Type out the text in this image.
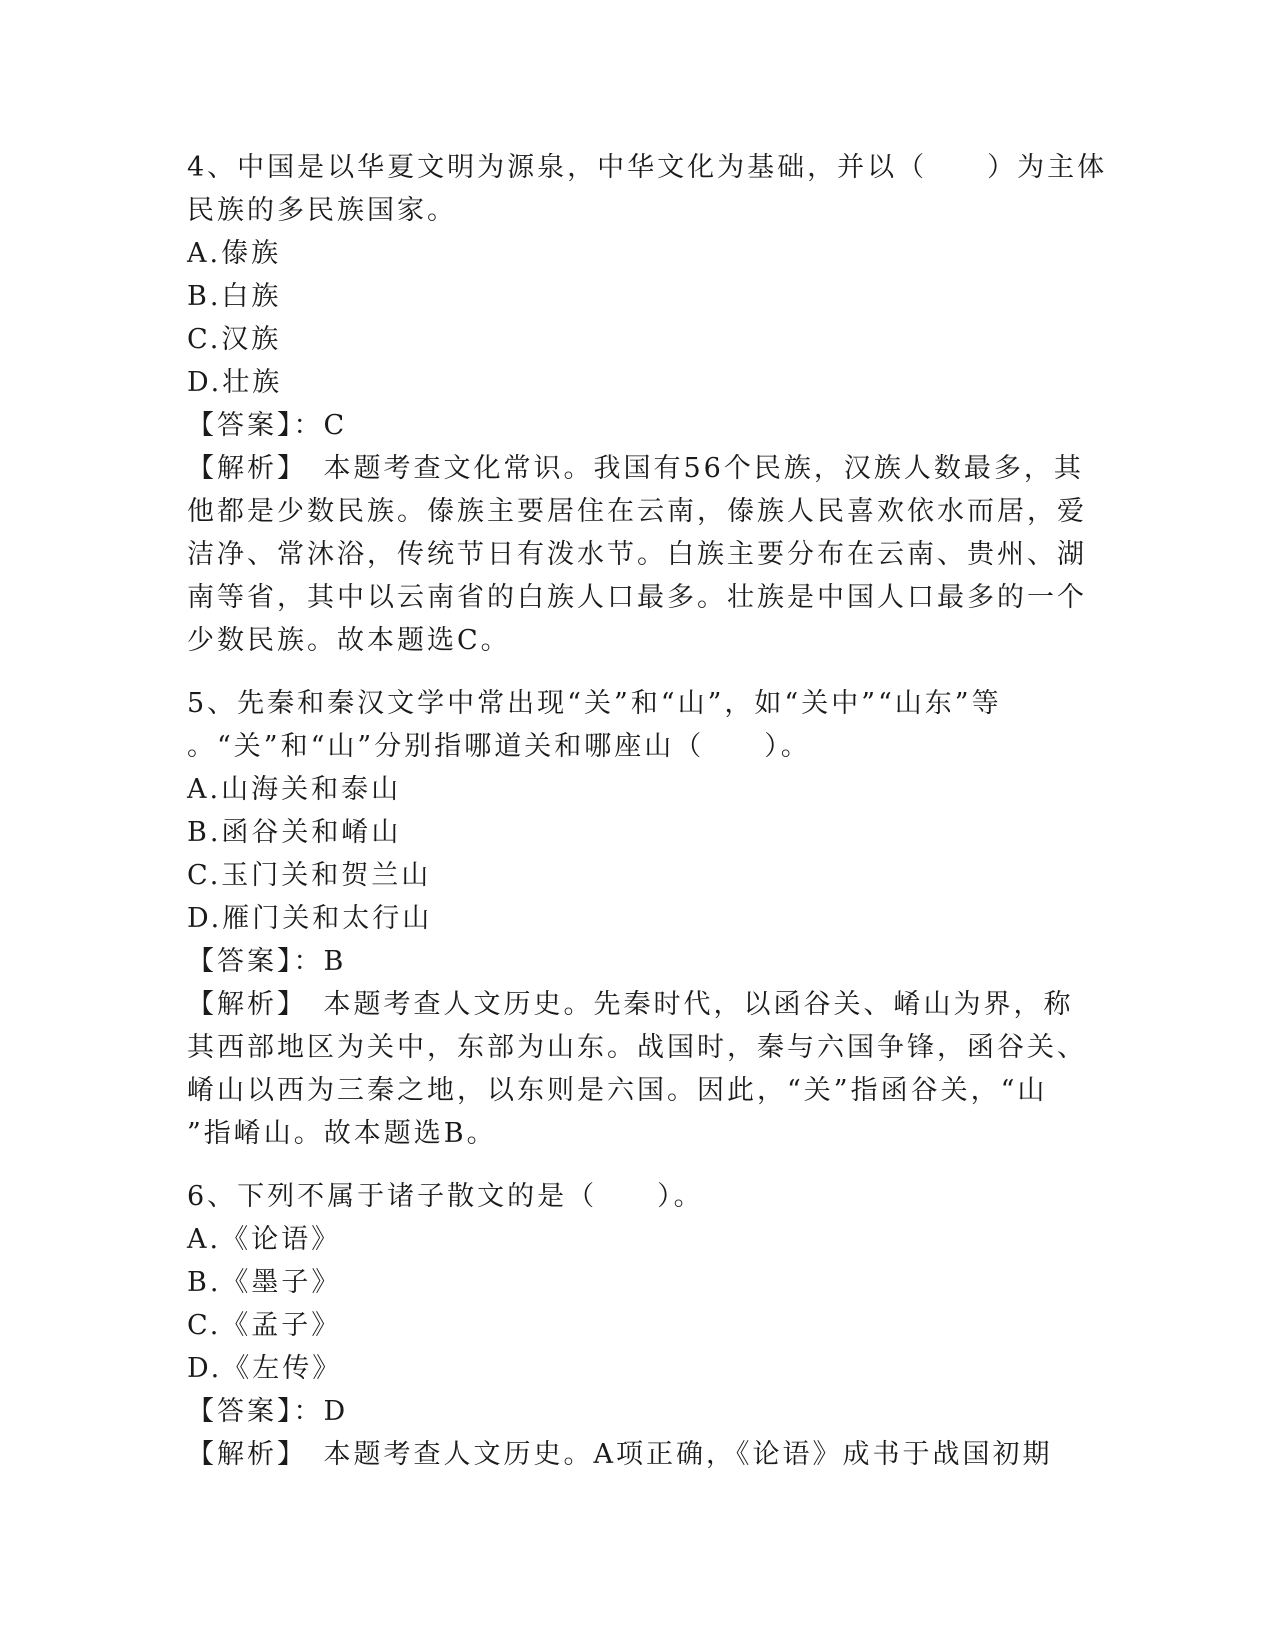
4、中国是以华夏文明为源泉，中华文化为基础，并以（　　）为主体

民族的多民族国家。

A.傣族

B.白族

C.汉族

D.壮族

【答案】：C

【解析】　本题考查文化常识。我国有56个民族，汉族人数最多，其

他都是少数民族。傣族主要居住在云南，傣族人民喜欢依水而居，爱

洁净、常沐浴，传统节日有泼水节。白族主要分布在云南、贵州、湖

南等省，其中以云南省的白族人口最多。壮族是中国人口最多的一个

少数民族。故本题选C。

5、先秦和秦汉文学中常出现“关”和“山”，如“关中”“山东”等

。“关”和“山”分别指哪道关和哪座山（　　）。

A.山海关和泰山

B.函谷关和崤山

C.玉门关和贺兰山

D.雁门关和太行山

【答案】：B

【解析】　本题考查人文历史。先秦时代，以函谷关、崤山为界，称

其西部地区为关中，东部为山东。战国时，秦与六国争锋，函谷关、

崤山以西为三秦之地，以东则是六国。因此，“关”指函谷关，“山

”指崤山。故本题选B。

6、下列不属于诸子散文的是（　　）。

A.《论语》

B.《墨子》

C.《孟子》

D.《左传》

【答案】：D

【解析】　本题考查人文历史。A项正确，《论语》成书于战国初期
